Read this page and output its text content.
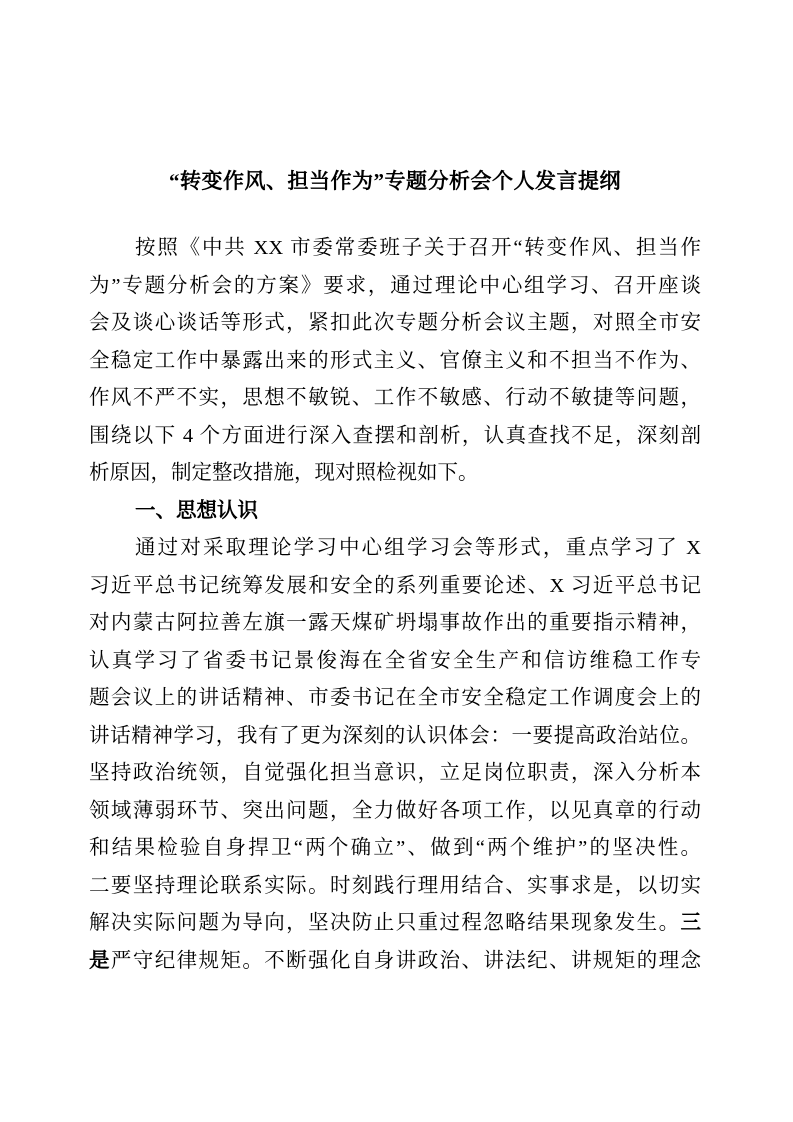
“转变作风、担当作为”专题分析会个人发言提纲
按照《中共 XX 市委常委班子关于召开“转变作风、担当作
为”专题分析会的方案》要求，通过理论中心组学习、召开座谈
会及谈心谈话等形式，紧扣此次专题分析会议主题，对照全市安
全稳定工作中暴露出来的形式主义、官僚主义和不担当不作为、
作风不严不实，思想不敏锐、工作不敏感、行动不敏捷等问题，
围绕以下 4 个方面进行深入查摆和剖析，认真查找不足，深刻剖
析原因，制定整改措施，现对照检视如下。
一、思想认识
通过对采取理论学习中心组学习会等形式，重点学习了 X
习近平总书记统筹发展和安全的系列重要论述、X 习近平总书记
对内蒙古阿拉善左旗一露天煤矿坍塌事故作出的重要指示精神，
认真学习了省委书记景俊海在全省安全生产和信访维稳工作专
题会议上的讲话精神、市委书记在全市安全稳定工作调度会上的
讲话精神学习，我有了更为深刻的认识体会：一要提高政治站位。
坚持政治统领，自觉强化担当意识，立足岗位职责，深入分析本
领域薄弱环节、突出问题，全力做好各项工作，以见真章的行动
和结果检验自身捍卫“两个确立”、做到“两个维护”的坚决性。
二要坚持理论联系实际。时刻践行理用结合、实事求是，以切实
解决实际问题为导向，坚决防止只重过程忽略结果现象发生。三
是严守纪律规矩。不断强化自身讲政治、讲法纪、讲规矩的理念
